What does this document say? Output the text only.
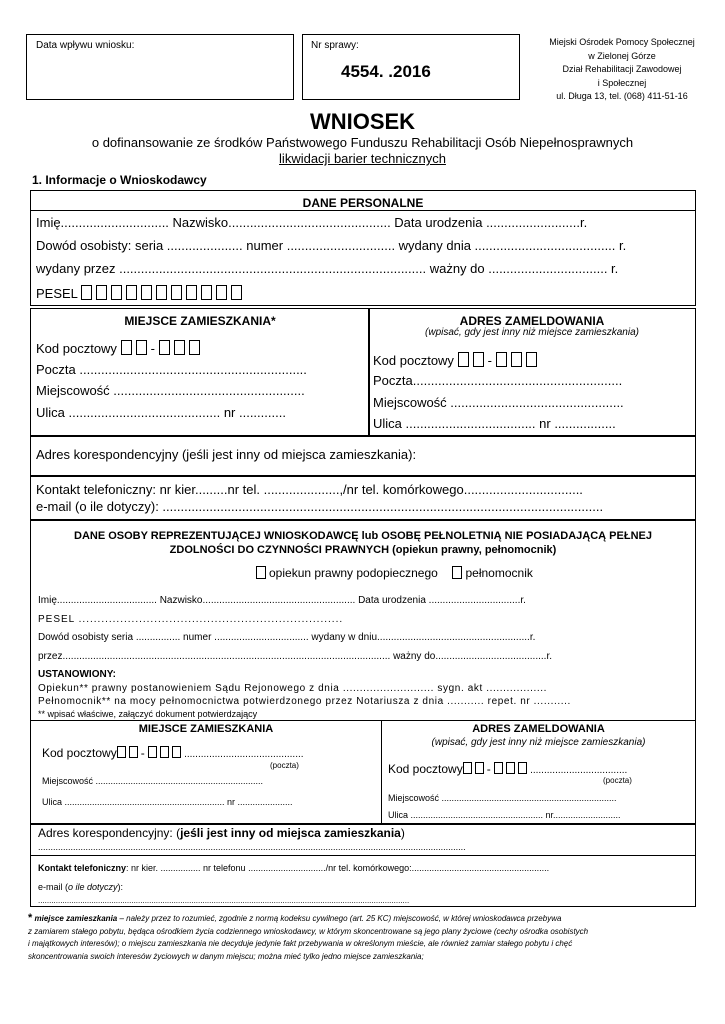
Data wpływu wniosku:	Nr sprawy:
4554. .2016
Miejski Ośrodek Pomocy Społecznej
w Zielonej Górze
Dział Rehabilitacji Zawodowej
i Społecznej
ul. Długa 13, tel. (068) 411-51-16
WNIOSEK
o dofinansowanie ze środków Państwowego Funduszu Rehabilitacji Osób Niepełnosprawnych
likwidacji barier technicznych
1. Informacje o Wnioskodawcy
DANE PERSONALNE
Imię.............................. Nazwisko............................................. Data urodzenia ..........................r.
Dowód osobisty: seria ..................... numer .............................. wydany dnia ....................................... r.
wydany przez ..................................................................................... ważny do ................................. r.
PESEL
MIEJSCE ZAMIESZKANIA*
Kod pocztowy	-
Poczta ...............................................................
Miejscowość .....................................................
Ulica .......................................... nr .............
ADRES ZAMELDOWANIA
(wpisać, gdy jest inny niż miejsce zamieszkania)
Kod pocztowy	-
Poczta..........................................................
Miejscowość ................................................
Ulica .................................... nr .................
Adres korespondencyjny (jeśli jest inny od miejsca zamieszkania):
Kontakt telefoniczny: nr kier.........nr tel. .....................,/nr tel. komórkowego.................................
e-mail (o ile dotyczy): ..........................................................................................................................
DANE OSOBY REPREZENTUJĄCEJ WNIOSKODAWCĘ lub OSOBĘ PEŁNOLETNIĄ NIE POSIADAJĄCĄ PEŁNEJ
ZDOLNOŚCI DO CZYNNOŚCI PRAWNYCH (opiekun prawny, pełnomocnik)
opiekun prawny podopiecznego pełnomocnik
Imię.................................... Nazwisko....................................................... Data urodzenia .................................r.
PESEL ......................................................................
Dowód osobisty seria ................ numer .................................. wydany w dniu.......................................................r.
przez...................................................................................................................... ważny do........................................r.
USTANOWIONY:
Opiekun** prawny postanowieniem Sądu Rejonowego z dnia ........................... sygn. akt ..................
Pełnomocnik** na mocy pełnomocnictwa potwierdzonego przez Notariusza z dnia ........... repet. nr ...........
** wpisać właściwe, załączyć dokument potwierdzający
MIEJSCE ZAMIESZKANIA
Kod pocztowy -	...........................................
(poczta)
Miejscowość ...................................................................
Ulica ................................................................ nr ......................
ADRES ZAMELDOWANIA
(wpisać, gdy jest inny niż miejsce zamieszkania)
Kod pocztowy -	...................................
(poczta)
Miejscowość ......................................................................
Ulica ..................................................... nr...........................
Adres korespondencyjny: (jeśli jest inny od miejsca zamieszkania)
...........................................................................................................................................................................
Kontakt telefoniczny: nr kier. ................ nr telefonu .............................../nr tel. komórkowego:.......................................................
e-mail (o ile dotyczy):
.......................................................................................................................................................................
* miejsce zamieszkania – należy przez to rozumieć, zgodnie z normą kodeksu cywilnego (art. 25 KC) miejscowość, w której wnioskodawca przebywa
z zamiarem stałego pobytu, będąca ośrodkiem życia codziennego wnioskodawcy, w którym skoncentrowane są jego plany życiowe (cechy ośrodka osobistych
i majątkowych interesów); o miejscu zamieszkania nie decyduje jedynie fakt przebywania w określonym mieście, ale również zamiar stałego pobytu i chęć
skoncentrowania swoich interesów życiowych w danym miejscu; można mieć tylko jedno miejsce zamieszkania;
